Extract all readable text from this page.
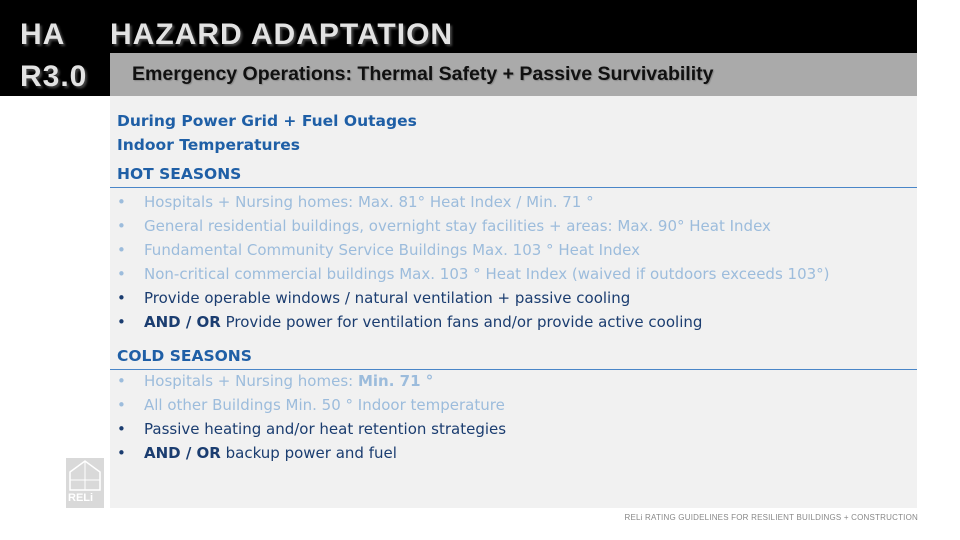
HA HAZARD ADAPTATION
R3.0 Emergency Operations: Thermal Safety + Passive Survivability
During Power Grid + Fuel Outages
Indoor Temperatures
HOT SEASONS
• Hospitals + Nursing homes: Max. 81° Heat Index / Min. 71 °
• General residential buildings, overnight stay facilities + areas: Max. 90° Heat Index
• Fundamental Community Service Buildings Max. 103 ° Heat Index
• Non-critical commercial buildings Max. 103 ° Heat Index (waived if outdoors exceeds 103°)
• Provide operable windows / natural ventilation + passive cooling
• AND / OR Provide power for ventilation fans and/or provide active cooling
COLD SEASONS
• Hospitals + Nursing homes: Min. 71 °
• All other Buildings Min. 50 ° Indoor temperature
• Passive heating and/or heat retention strategies
• AND / OR backup power and fuel
RELi
RELi RATING GUIDELINES FOR RESILIENT BUILDINGS + CONSTRUCTION
